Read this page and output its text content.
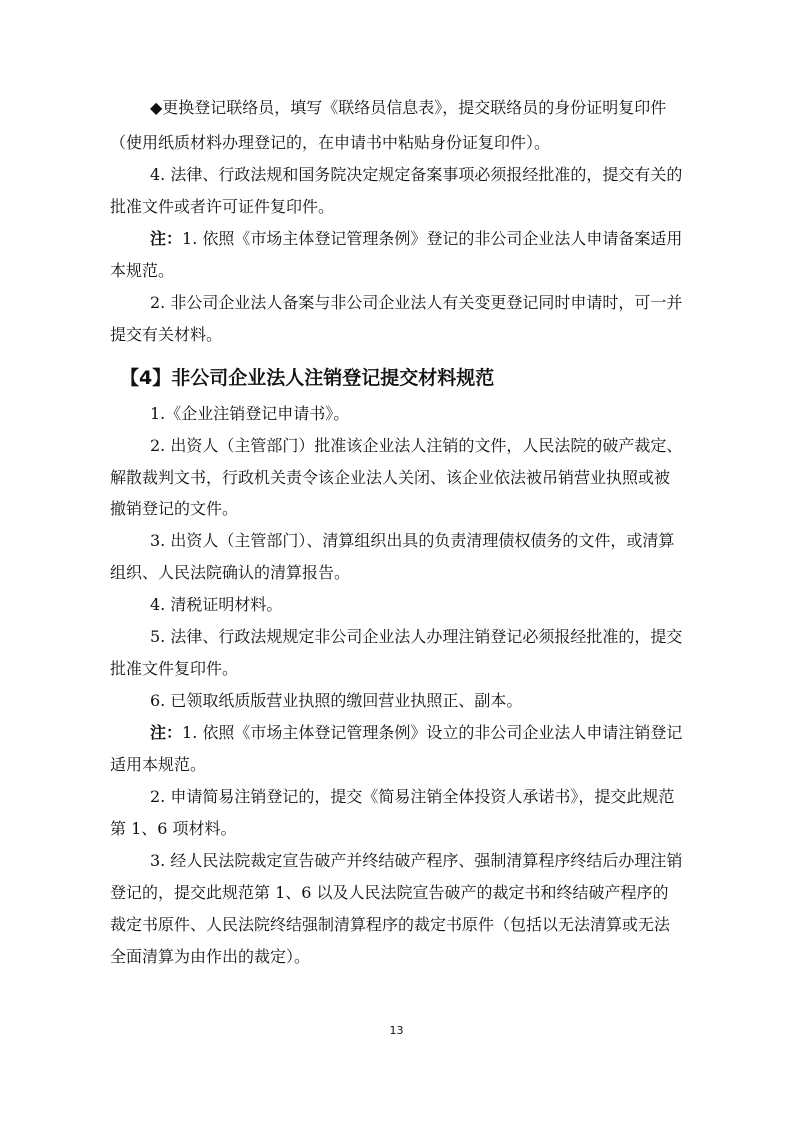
◆更换登记联络员，填写《联络员信息表》，提交联络员的身份证明复印件
（使用纸质材料办理登记的，在申请书中粘贴身份证复印件）。
4. 法律、行政法规和国务院决定规定备案事项必须报经批准的，提交有关的
批准文件或者许可证件复印件。
注：1. 依照《市场主体登记管理条例》登记的非公司企业法人申请备案适用
本规范。
2. 非公司企业法人备案与非公司企业法人有关变更登记同时申请时，可一并
提交有关材料。
【4】非公司企业法人注销登记提交材料规范
1.《企业注销登记申请书》。
2. 出资人（主管部门）批准该企业法人注销的文件，人民法院的破产裁定、
解散裁判文书，行政机关责令该企业法人关闭、该企业依法被吊销营业执照或被
撤销登记的文件。
3. 出资人（主管部门）、清算组织出具的负责清理债权债务的文件，或清算
组织、人民法院确认的清算报告。
4. 清税证明材料。
5. 法律、行政法规规定非公司企业法人办理注销登记必须报经批准的，提交
批准文件复印件。
6. 已领取纸质版营业执照的缴回营业执照正、副本。
注：1. 依照《市场主体登记管理条例》设立的非公司企业法人申请注销登记
适用本规范。
2. 申请简易注销登记的，提交《简易注销全体投资人承诺书》，提交此规范
第 1、6 项材料。
3. 经人民法院裁定宣告破产并终结破产程序、强制清算程序终结后办理注销
登记的，提交此规范第 1、6 以及人民法院宣告破产的裁定书和终结破产程序的
裁定书原件、人民法院终结强制清算程序的裁定书原件（包括以无法清算或无法
全面清算为由作出的裁定）。
13
